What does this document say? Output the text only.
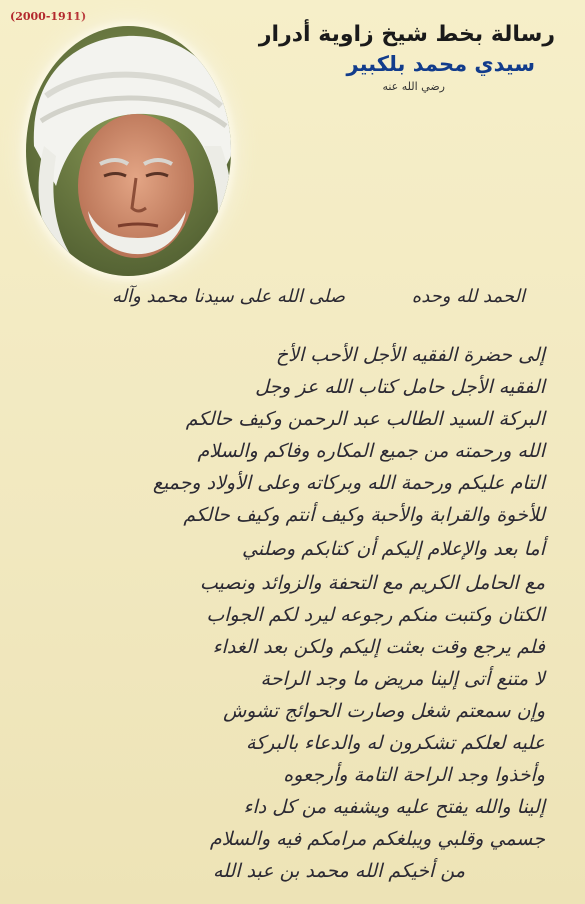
(2000-1911)
رسالة بخط شيخ زاوية أدرار
سيدي محمد بلكبير
رضي الله عنه
الحمد لله وحده
صلى الله على سيدنا محمد وآله
إلى حضرة الفقيه الأجل الأحب الأخ
الفقيه الأجل حامل كتاب الله عز وجل
البركة السيد الطالب عبد الرحمن وكيف حالكم
الله ورحمته من جميع المكاره وفاكم والسلام
التام عليكم ورحمة الله وبركاته وعلى الأولاد وجميع
للأخوة والقرابة والأحبة وكيف أنتم وكيف حالكم
أما بعد والإعلام إليكم أن كتابكم وصلني
مع الحامل الكريم مع التحفة والزوائد ونصيب
الكتان وكتبت منكم رجوعه ليرد لكم الجواب
فلم يرجع وقت بعثت إليكم ولكن بعد الغداء
لا متنع أتى إلينا مريض ما وجد الراحة
وإن سمعتم شغل وصارت الحوائج تشوش
عليه لعلكم تشكرون له والدعاء بالبركة
وأخذوا وجد الراحة التامة وأرجعوه
إلينا والله يفتح عليه ويشفيه من كل داء
جسمي وقلبي ويبلغكم مرامكم فيه والسلام
من أخيكم الله محمد بن عبد الله
